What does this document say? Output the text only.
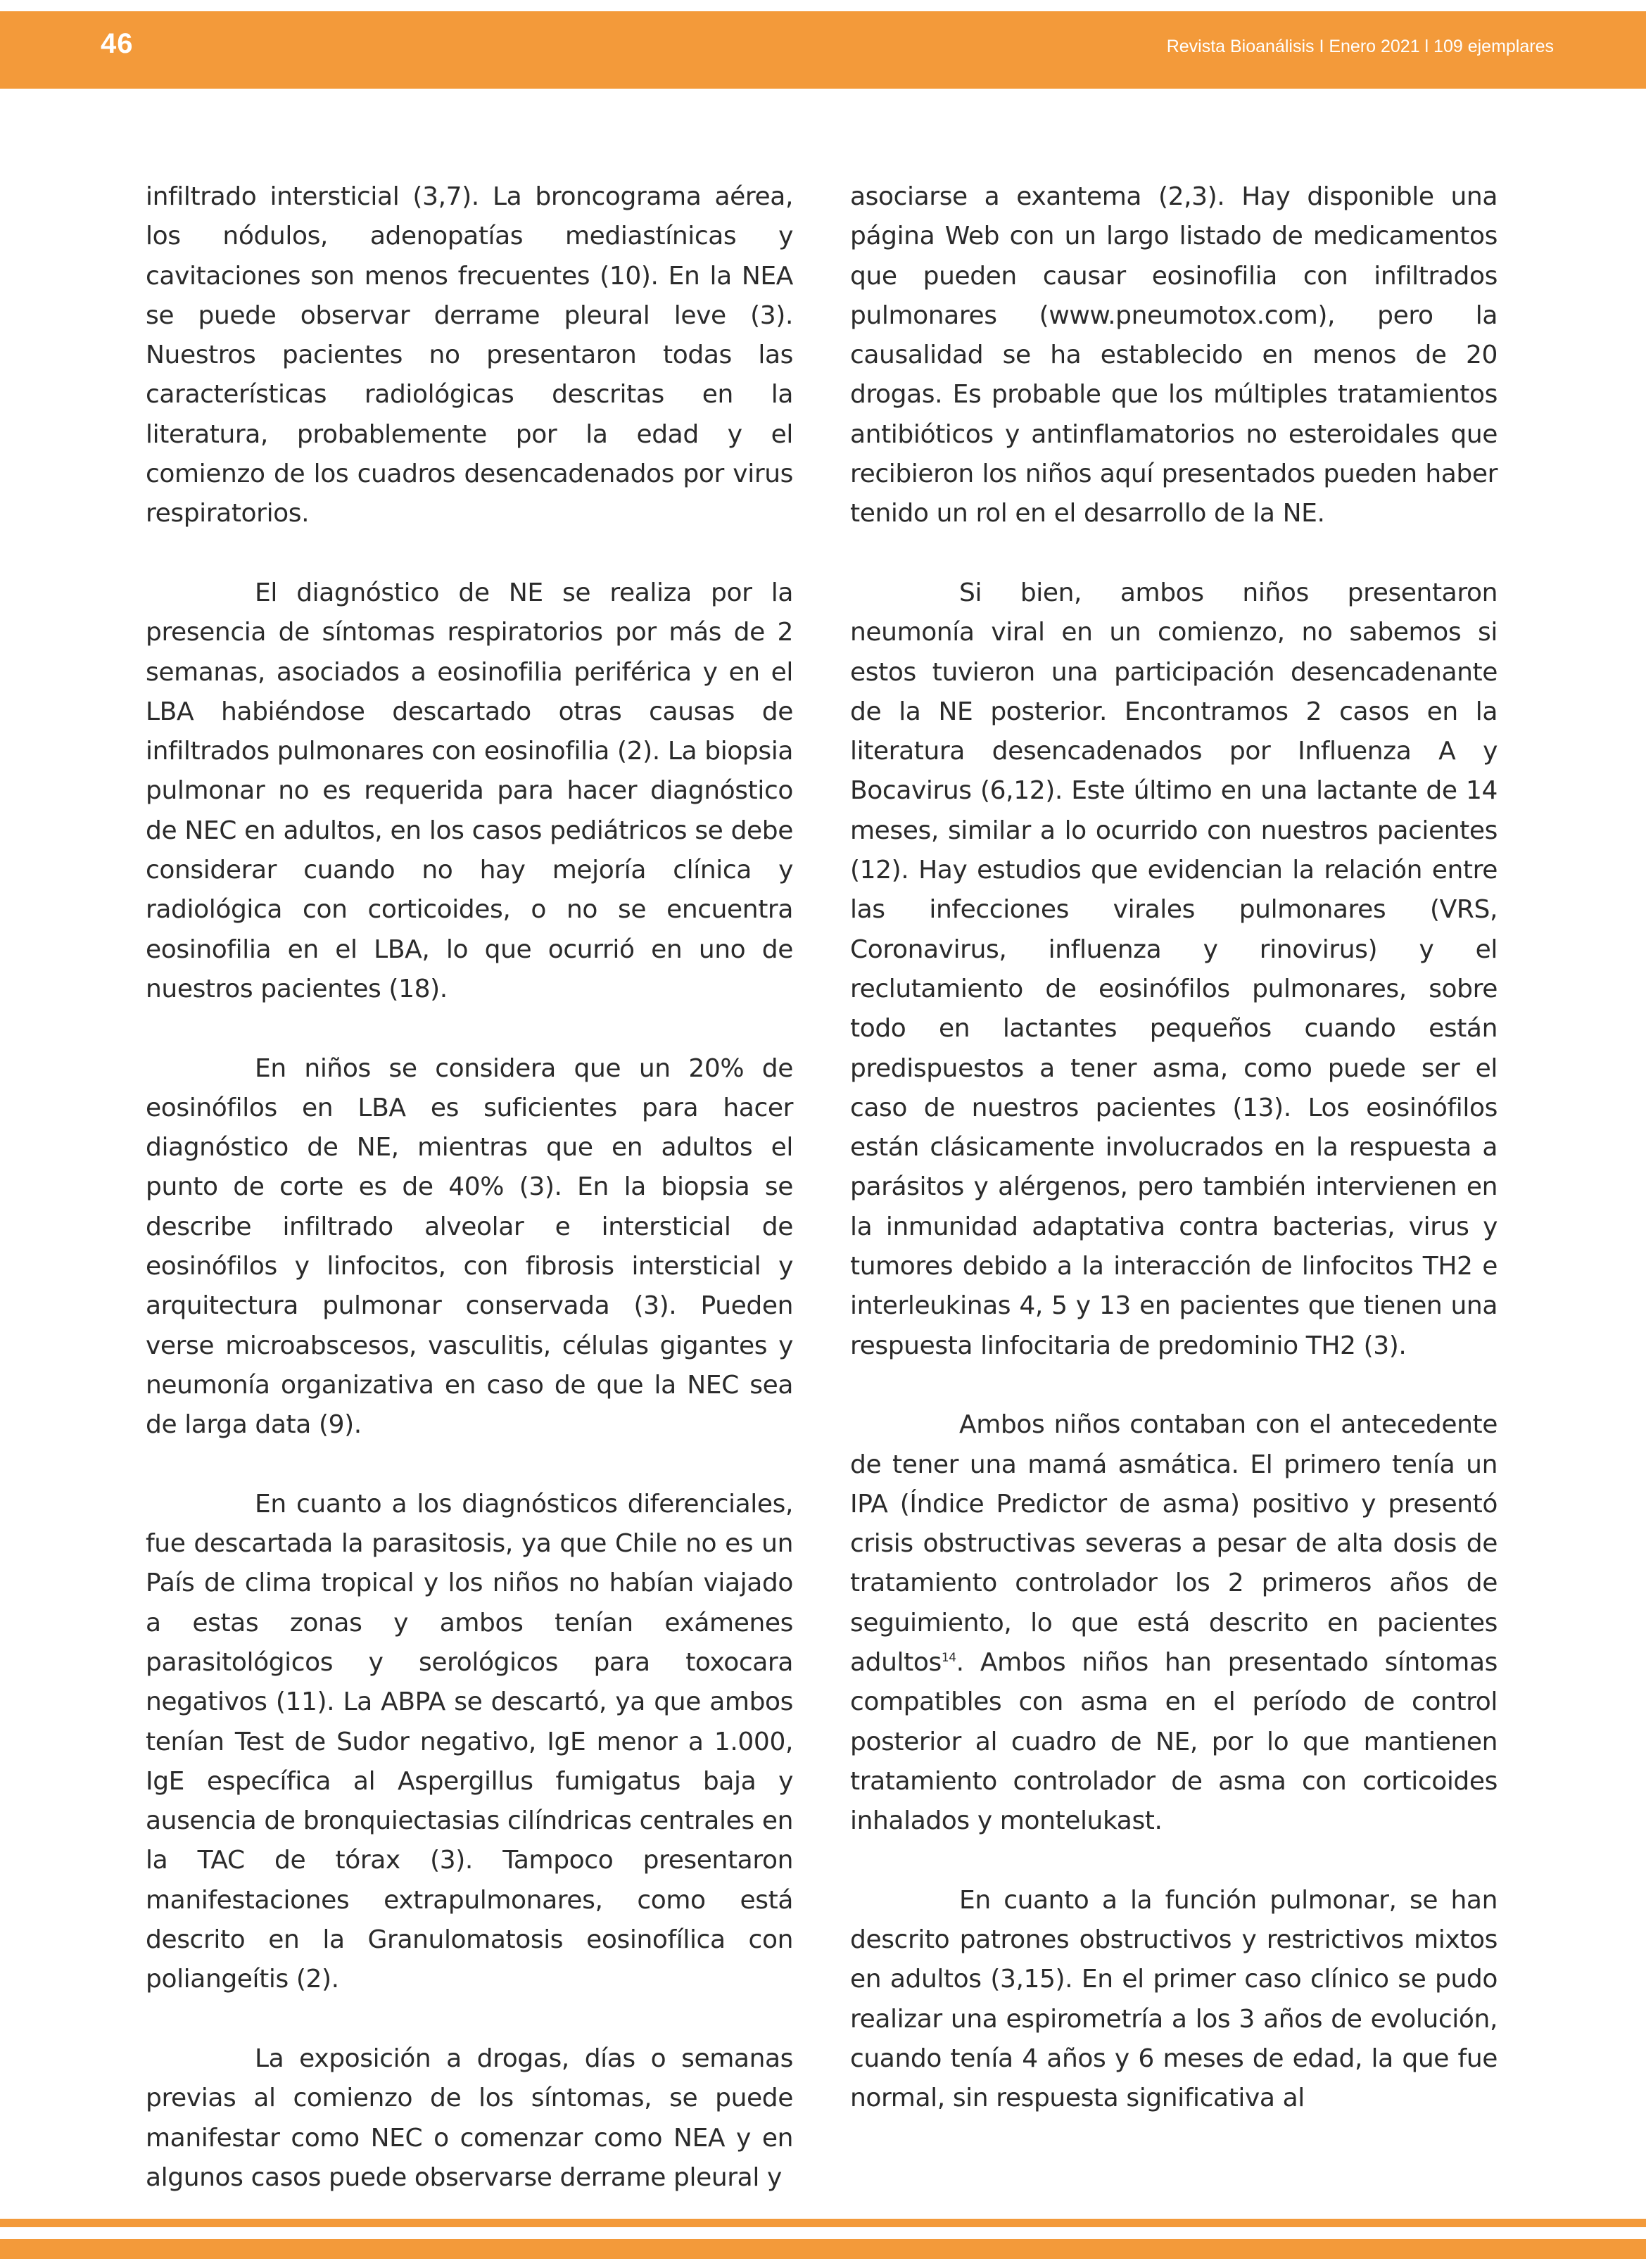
46	Revista Bioanálisis I Enero 2021 l 109 ejemplares

infiltrado intersticial (3,7). La broncograma aérea, los nódulos, adenopatías mediastínicas y cavitaciones son menos frecuentes (10). En la NEA se puede observar derrame pleural leve (3). Nuestros pacientes no presentaron todas las características radiológicas descritas en la literatura, probablemente por la edad y el comienzo de los cuadros desencadenados por virus respiratorios.

El diagnóstico de NE se realiza por la presencia de síntomas respiratorios por más de 2 semanas, asociados a eosinofilia periférica y en el LBA habiéndose descartado otras causas de infiltrados pulmonares con eosinofilia (2). La biopsia pulmonar no es requerida para hacer diagnóstico de NEC en adultos, en los casos pediátricos se debe considerar cuando no hay mejoría clínica y radiológica con corticoides, o no se encuentra eosinofilia en el LBA, lo que ocurrió en uno de nuestros pacientes (18).

En niños se considera que un 20% de eosinófilos en LBA es suficientes para hacer diagnóstico de NE, mientras que en adultos el punto de corte es de 40% (3). En la biopsia se describe infiltrado alveolar e intersticial de eosinófilos y linfocitos, con fibrosis intersticial y arquitectura pulmonar conservada (3). Pueden verse microabscesos, vasculitis, células gigantes y neumonía organizativa en caso de que la NEC sea de larga data (9).

En cuanto a los diagnósticos diferenciales, fue descartada la parasitosis, ya que Chile no es un País de clima tropical y los niños no habían viajado a estas zonas y ambos tenían exámenes parasitológicos y serológicos para toxocara negativos (11). La ABPA se descartó, ya que ambos tenían Test de Sudor negativo, IgE menor a 1.000, IgE específica al Aspergillus fumigatus baja y ausencia de bronquiectasias cilíndricas centrales en la TAC de tórax (3). Tampoco presentaron manifestaciones extrapulmonares, como está descrito en la Granulomatosis eosinofílica con poliangeítis (2).

La exposición a drogas, días o semanas previas al comienzo de los síntomas, se puede manifestar como NEC o comenzar como NEA y en algunos casos puede observarse derrame pleural y

asociarse a exantema (2,3). Hay disponible una página Web con un largo listado de medicamentos que pueden causar eosinofilia con infiltrados pulmonares (www.pneumotox.com), pero la causalidad se ha establecido en menos de 20 drogas. Es probable que los múltiples tratamientos antibióticos y antinflamatorios no esteroidales que recibieron los niños aquí presentados pueden haber tenido un rol en el desarrollo de la NE.

Si bien, ambos niños presentaron neumonía viral en un comienzo, no sabemos si estos tuvieron una participación desencadenante de la NE posterior. Encontramos 2 casos en la literatura desencadenados por Influenza A y Bocavirus (6,12). Este último en una lactante de 14 meses, similar a lo ocurrido con nuestros pacientes (12). Hay estudios que evidencian la relación entre las infecciones virales pulmonares (VRS, Coronavirus, influenza y rinovirus) y el reclutamiento de eosinófilos pulmonares, sobre todo en lactantes pequeños cuando están predispuestos a tener asma, como puede ser el caso de nuestros pacientes (13). Los eosinófilos están clásicamente involucrados en la respuesta a parásitos y alérgenos, pero también intervienen en la inmunidad adaptativa contra bacterias, virus y tumores debido a la interacción de linfocitos TH2 e interleukinas 4, 5 y 13 en pacientes que tienen una respuesta linfocitaria de predominio TH2 (3).

Ambos niños contaban con el antecedente de tener una mamá asmática. El primero tenía un IPA (Índice Predictor de asma) positivo y presentó crisis obstructivas severas a pesar de alta dosis de tratamiento controlador los 2 primeros años de seguimiento, lo que está descrito en pacientes adultos$^{14}$. Ambos niños han presentado síntomas compatibles con asma en el período de control posterior al cuadro de NE, por lo que mantienen tratamiento controlador de asma con corticoides inhalados y montelukast.

En cuanto a la función pulmonar, se han descrito patrones obstructivos y restrictivos mixtos en adultos (3,15). En el primer caso clínico se pudo realizar una espirometría a los 3 años de evolución, cuando tenía 4 años y 6 meses de edad, la que fue normal, sin respuesta significativa al
